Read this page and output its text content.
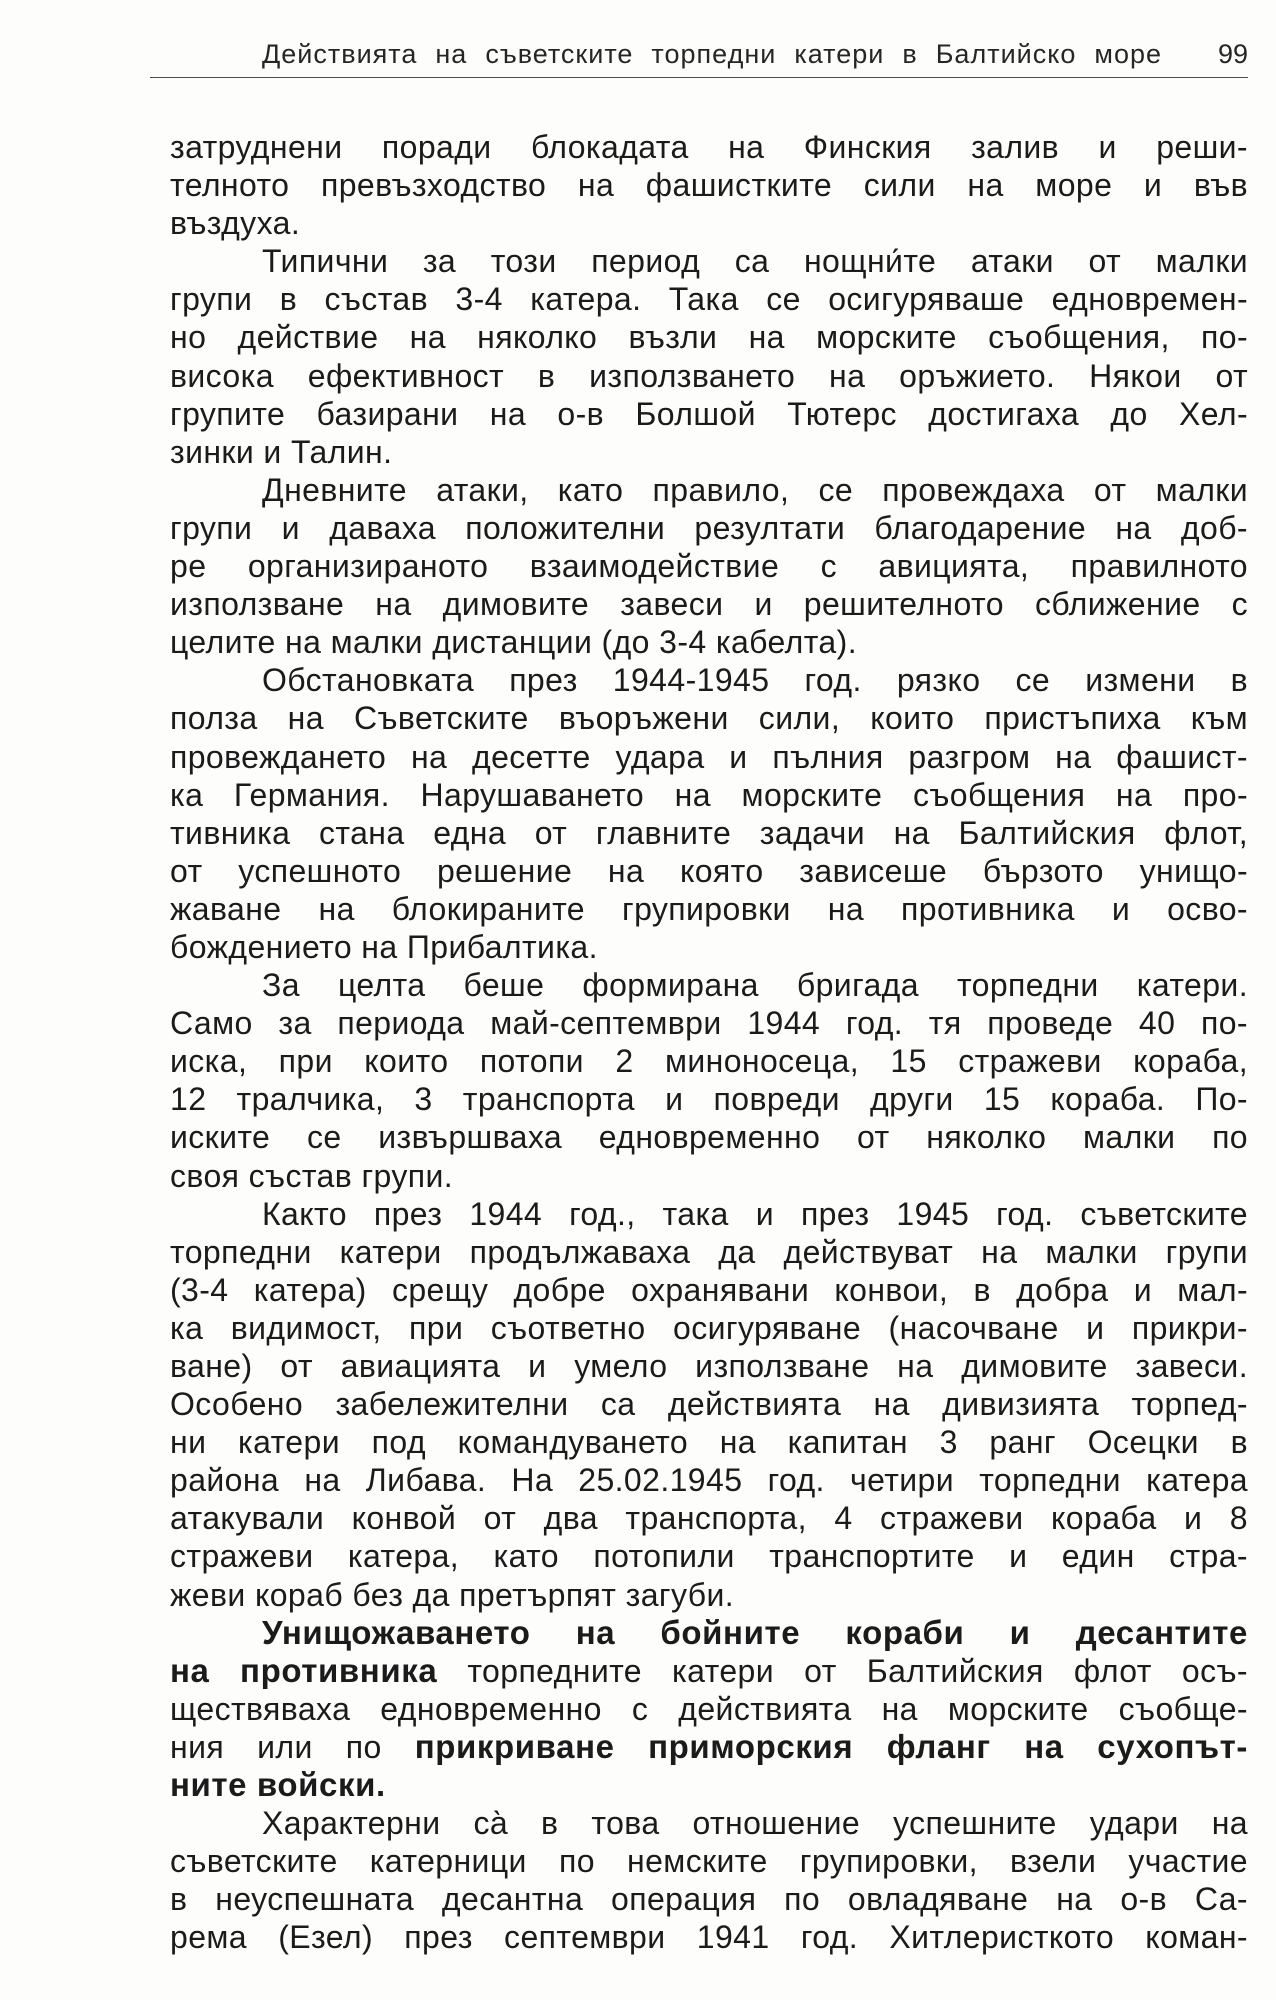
Действията на съветските торпедни катери в Балтийско море 99
затруднени поради блокадата на Финския залив и реши-
телното превъзходство на фашистките сили на море и във
въздуха.
Типични за този период са нощни́те атаки от малки
групи в състав 3-4 катера. Така се осигуряваше едновремен-
но действие на няколко възли на морските съобщения, по-
висока ефективност в използването на оръжието. Някои от
групите базирани на о-в Болшой Тютерс достигаха до Хел-
зинки и Талин.
Дневните атаки, като правило, се провеждаха от малки
групи и даваха положителни резултати благодарение на доб-
ре организираното взаимодействие с авицията, правилното
използване на димовите завеси и решителното сближение с
целите на малки дистанции (до 3-4 кабелта).
Обстановката през 1944-1945 год. рязко се измени в
полза на Съветските въоръжени сили, които пристъпиха към
провеждането на десетте удара и пълния разгром на фашист-
ка Германия. Нарушаването на морските съобщения на про-
тивника стана една от главните задачи на Балтийския флот,
от успешното решение на която зависеше бързото унищо-
жаване на блокираните групировки на противника и осво-
бождението на Прибалтика.
За целта беше формирана бригада торпедни катери.
Само за периода май-септември 1944 год. тя проведе 40 по-
иска, при които потопи 2 миноносеца, 15 стражеви кораба,
12 тралчика, 3 транспорта и повреди други 15 кораба. По-
иските се извършваха едновременно от няколко малки по
своя състав групи.
Както през 1944 год., така и през 1945 год. съветските
торпедни катери продължаваха да действуват на малки групи
(3-4 катера) срещу добре охранявани конвои, в добра и мал-
ка видимост, при съответно осигуряване (насочване и прикри-
ване) от авиацията и умело използване на димовите завеси.
Особено забележителни са действията на дивизията торпед-
ни катери под командуването на капитан 3 ранг Осецки в
района на Либава. На 25.02.1945 год. четири торпедни катера
атакували конвой от два транспорта, 4 стражеви кораба и 8
стражеви катера, като потопили транспортите и един стра-
жеви кораб без да претърпят загуби.
Унищожаването на бойните кораби и десантите
на противника торпедните катери от Балтийския флот осъ-
ществяваха едновременно с действията на морските съобще-
ния или по прикриване приморския фланг на сухопът-
ните войски.
Характерни са̀ в това отношение успешните удари на
съветските катерници по немските групировки, взели участие
в неуспешната десантна операция по овладяване на о-в Са-
рема (Езел) през септември 1941 год. Хитлеристкото коман-
